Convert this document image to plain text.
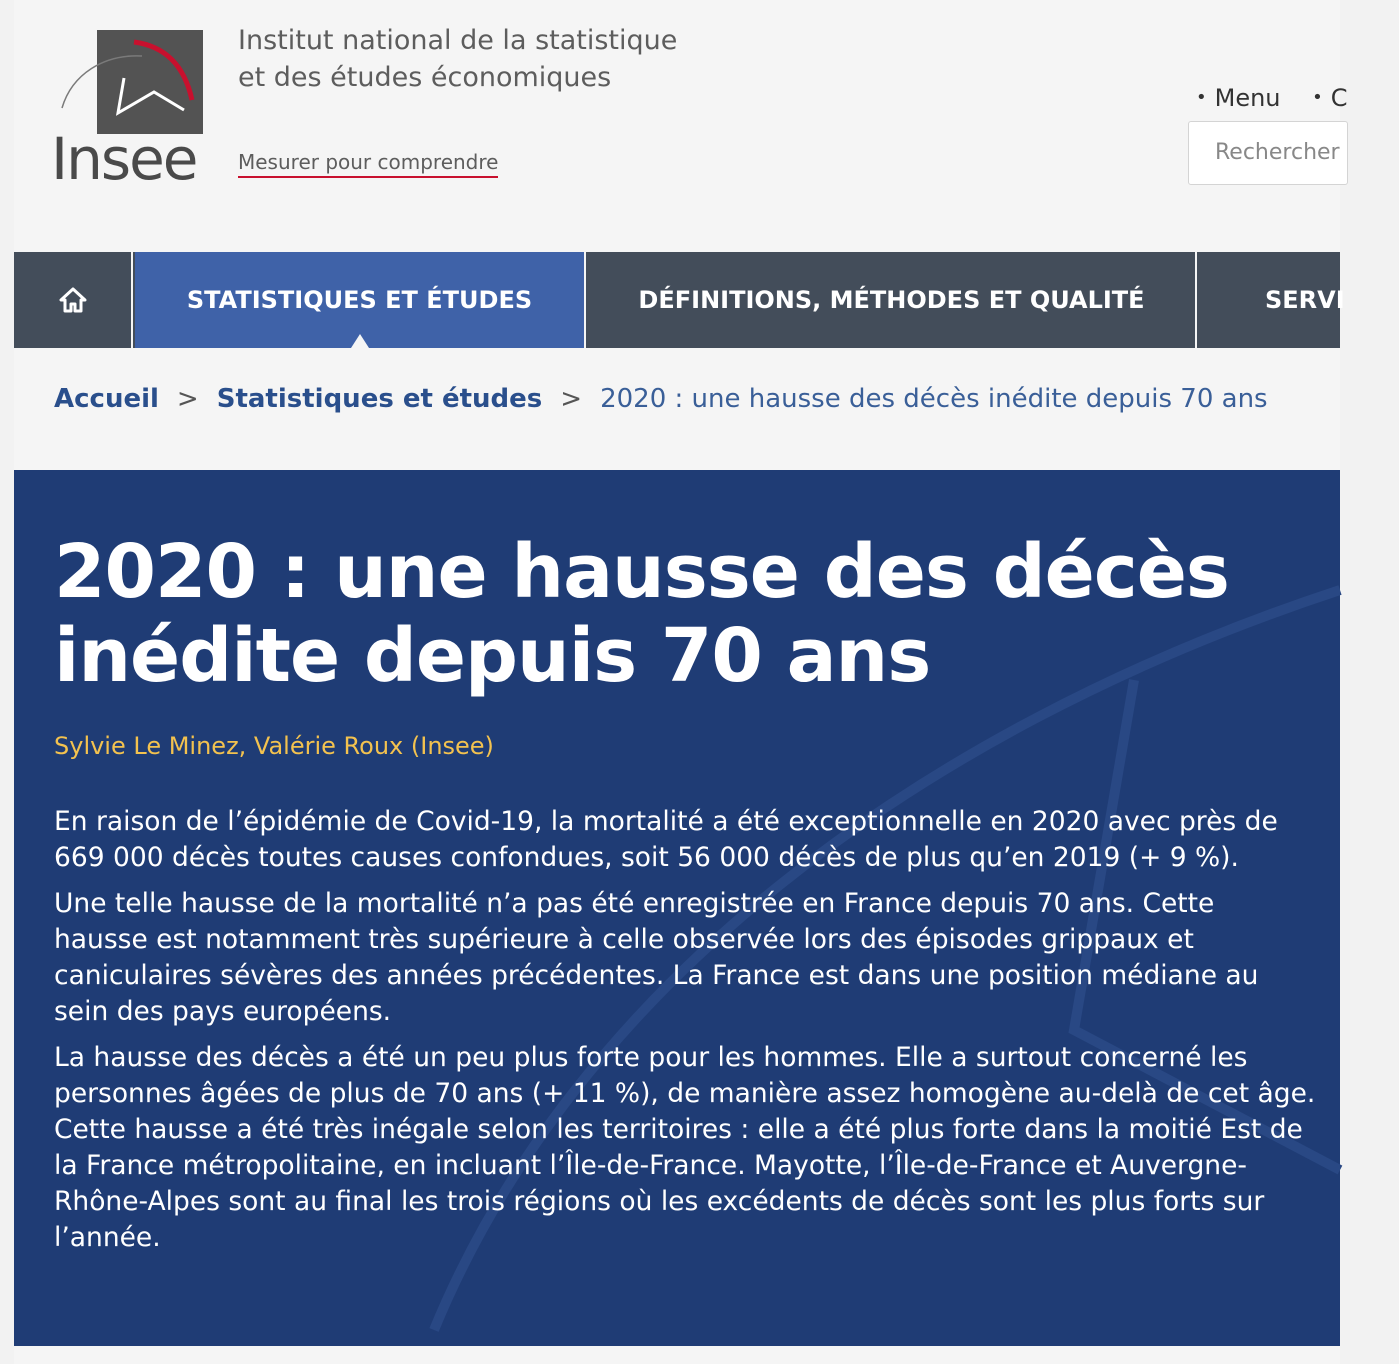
Insee
Institut national de la statistique
et des études économiques
Mesurer pour comprendre
• Menu • C
Rechercher
STATISTIQUES ET ÉTUDES	DÉFINITIONS, MÉTHODES ET QUALITÉ	SERVI
Accueil > Statistiques et études > 2020 : une hausse des décès inédite depuis 70 ans
2020 : une hausse des décès
inédite depuis 70 ans
Sylvie Le Minez, Valérie Roux (Insee)

En raison de l’épidémie de Covid-19, la mortalité a été exceptionnelle en 2020 avec près de 669 000 décès toutes causes confondues, soit 56 000 décès de plus qu’en 2019 (+ 9 %).

Une telle hausse de la mortalité n’a pas été enregistrée en France depuis 70 ans. Cette hausse est notamment très supérieure à celle observée lors des épisodes grippaux et caniculaires sévères des années précédentes. La France est dans une position médiane au sein des pays européens.

La hausse des décès a été un peu plus forte pour les hommes. Elle a surtout concerné les personnes âgées de plus de 70 ans (+ 11 %), de manière assez homogène au-delà de cet âge. Cette hausse a été très inégale selon les territoires : elle a été plus forte dans la moitié Est de la France métropolitaine, en incluant l’Île-de-France. Mayotte, l’Île-de-France et Auvergne-Rhône-Alpes sont au final les trois régions où les excédents de décès sont les plus forts sur l’année.
